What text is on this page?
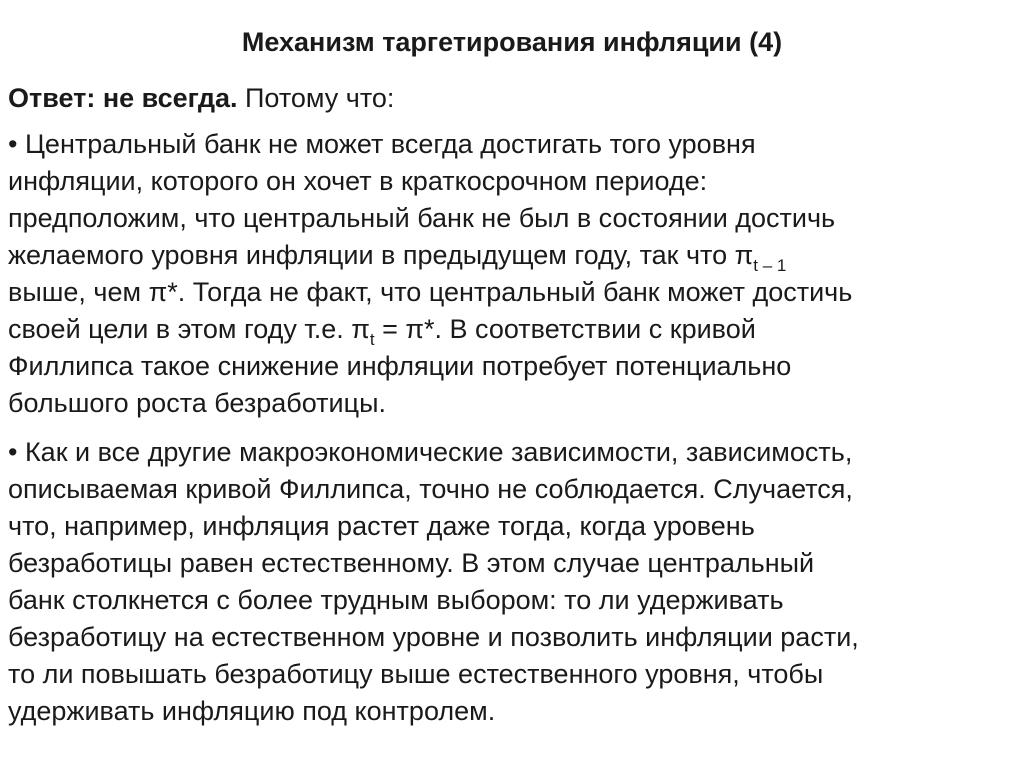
Механизм таргетирования инфляции (4)

Ответ: не всегда. Потому что:

• Центральный банк не может всегда достигать того уровня
инфляции, которого он хочет в краткосрочном периоде:
предположим, что центральный банк не был в состоянии достичь
желаемого уровня инфляции в предыдущем году, так что $\pi_{t - 1}$
выше, чем π*. Тогда не факт, что центральный банк может достичь
своей цели в этом году т.е. $\pi_t = \pi*$. В соответствии с кривой
Филлипса такое снижение инфляции потребует потенциально
большого роста безработицы.

• Как и все другие макроэкономические зависимости, зависимость,
описываемая кривой Филлипса, точно не соблюдается. Случается,
что, например, инфляция растет даже тогда, когда уровень
безработицы равен естественному. В этом случае центральный
банк столкнется с более трудным выбором: то ли удерживать
безработицу на естественном уровне и позволить инфляции расти,
то ли повышать безработицу выше естественного уровня, чтобы
удерживать инфляцию под контролем.
